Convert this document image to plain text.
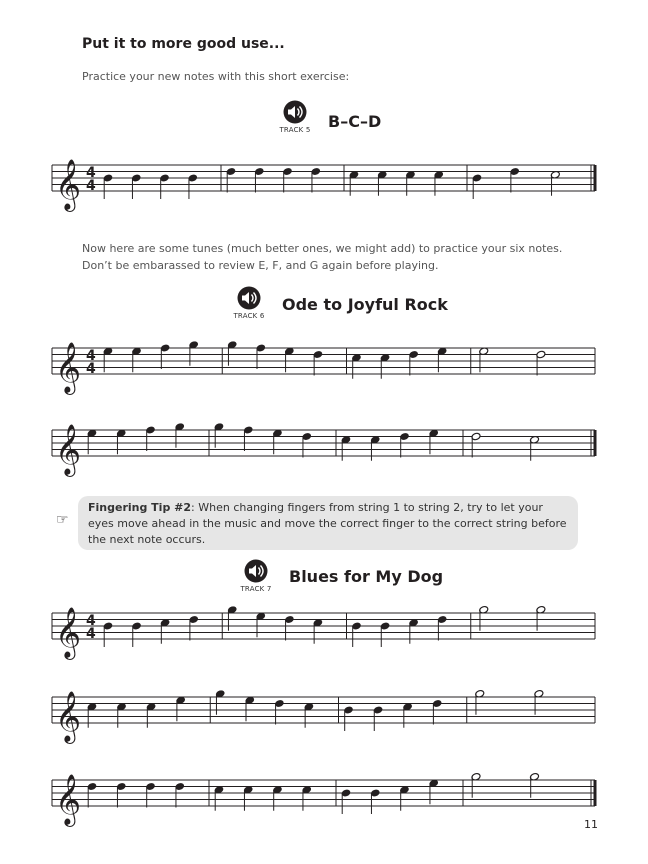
Put it to more good use...
Practice your new notes with this short exercise:
TRACK 5 B–C–D
𝄞 4
4
Now here are some tunes (much better ones, we might add) to practice your six notes. Don’t be embarassed to review E, F, and G again before playing.
TRACK 6
Ode to Joyful Rock
𝄞 4
4
𝄞
☞
Fingering Tip #2: When changing fingers from string 1 to string 2, try to let your eyes move ahead in the music and move the correct finger to the correct string before the next note occurs.
TRACK 7
Blues for My Dog
𝄞 4
4
𝄞
𝄞	11
